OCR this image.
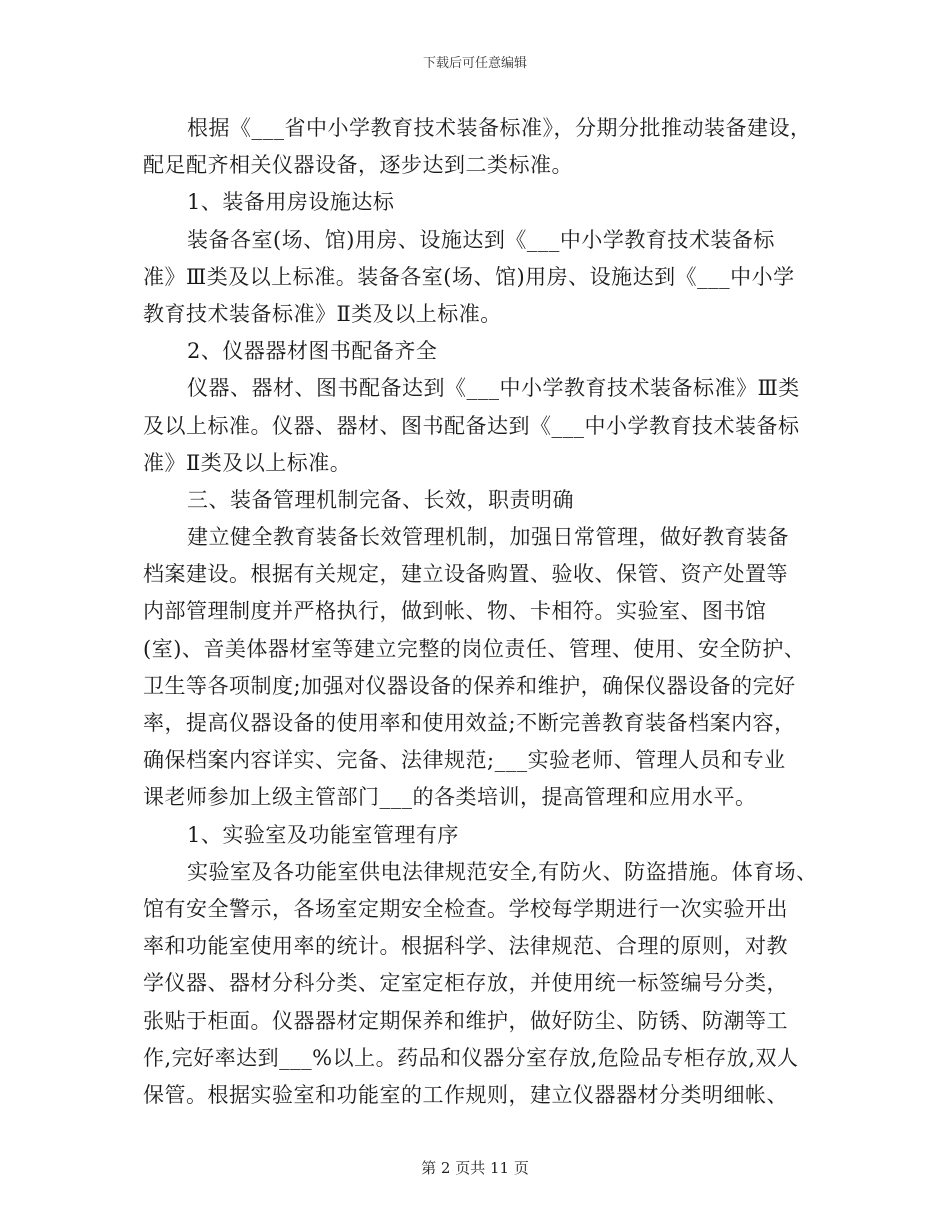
下载后可任意编辑
根据《___省中小学教育技术装备标准》，分期分批推动装备建设，
配足配齐相关仪器设备，逐步达到二类标准。
1、装备用房设施达标
装备各室(场、馆)用房、设施达到《___中小学教育技术装备标
准》Ⅲ类及以上标准。装备各室(场、馆)用房、设施达到《___中小学
教育技术装备标准》Ⅱ类及以上标准。
2、仪器器材图书配备齐全
仪器、器材、图书配备达到《___中小学教育技术装备标准》Ⅲ类
及以上标准。仪器、器材、图书配备达到《___中小学教育技术装备标
准》Ⅱ类及以上标准。
三、装备管理机制完备、长效，职责明确
建立健全教育装备长效管理机制，加强日常管理，做好教育装备
档案建设。根据有关规定，建立设备购置、验收、保管、资产处置等
内部管理制度并严格执行，做到帐、物、卡相符。实验室、图书馆
(室)、音美体器材室等建立完整的岗位责任、管理、使用、安全防护、
卫生等各项制度;加强对仪器设备的保养和维护，确保仪器设备的完好
率，提高仪器设备的使用率和使用效益;不断完善教育装备档案内容，
确保档案内容详实、完备、法律规范;___实验老师、管理人员和专业
课老师参加上级主管部门___的各类培训，提高管理和应用水平。
1、实验室及功能室管理有序
实验室及各功能室供电法律规范安全,有防火、防盗措施。体育场、
馆有安全警示，各场室定期安全检查。学校每学期进行一次实验开出
率和功能室使用率的统计。根据科学、法律规范、合理的原则，对教
学仪器、器材分科分类、定室定柜存放，并使用统一标签编号分类，
张贴于柜面。仪器器材定期保养和维护，做好防尘、防锈、防潮等工
作,完好率达到___%以上。药品和仪器分室存放,危险品专柜存放,双人
保管。根据实验室和功能室的工作规则，建立仪器器材分类明细帐、
第 2 页共 11 页
